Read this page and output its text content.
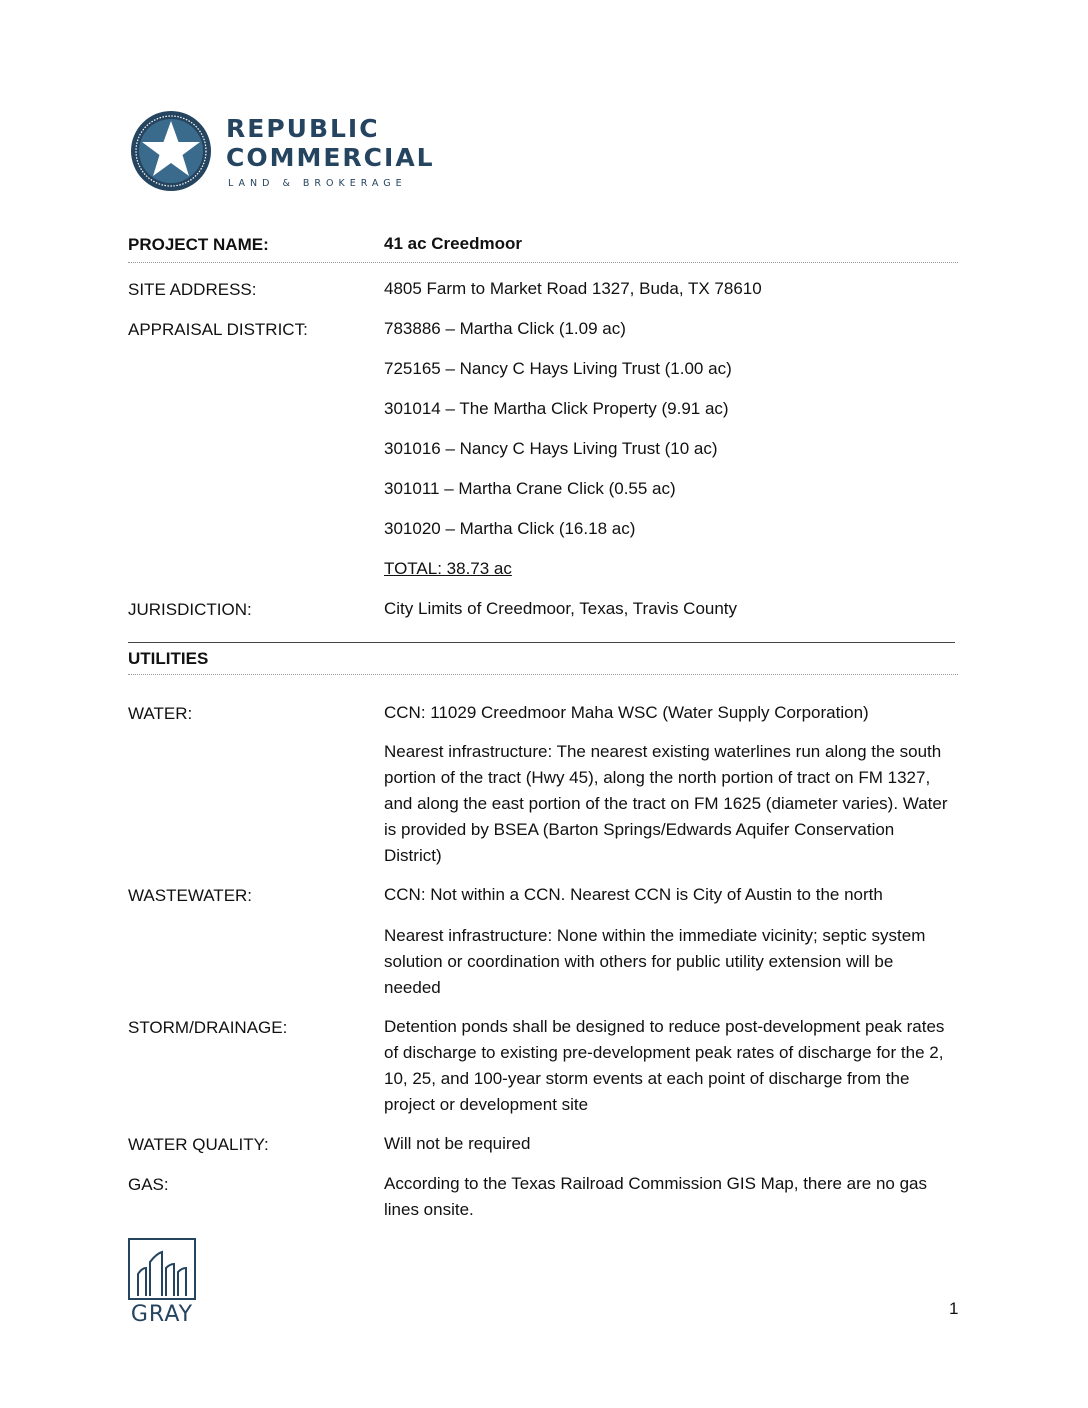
REPUBLIC
COMMERCIAL
LAND & BROKERAGE
PROJECT NAME:	41 ac Creedmoor
SITE ADDRESS:	4805 Farm to Market Road 1327, Buda, TX 78610
APPRAISAL DISTRICT:	783886 – Martha Click (1.09 ac)
725165 – Nancy C Hays Living Trust (1.00 ac)
301014 – The Martha Click Property (9.91 ac)
301016 – Nancy C Hays Living Trust (10 ac)
301011 – Martha Crane Click (0.55 ac)
301020 – Martha Click (16.18 ac)
TOTAL: 38.73 ac
JURISDICTION:	City Limits of Creedmoor, Texas, Travis County
UTILITIES
WATER:	CCN: 11029 Creedmoor Maha WSC (Water Supply Corporation)
Nearest infrastructure: The nearest existing waterlines run along the south portion of the tract (Hwy 45), along the north portion of tract on FM 1327, and along the east portion of the tract on FM 1625 (diameter varies). Water is provided by BSEA (Barton Springs/Edwards Aquifer Conservation District)
WASTEWATER:	CCN: Not within a CCN. Nearest CCN is City of Austin to the north
Nearest infrastructure: None within the immediate vicinity; septic system solution or coordination with others for public utility extension will be needed
STORM/DRAINAGE:	Detention ponds shall be designed to reduce post-development peak rates of discharge to existing pre-development peak rates of discharge for the 2, 10, 25, and 100-year storm events at each point of discharge from the project or development site
WATER QUALITY:	Will not be required
GAS:	According to the Texas Railroad Commission GIS Map, there are no gas lines onsite.
GRAY	1
